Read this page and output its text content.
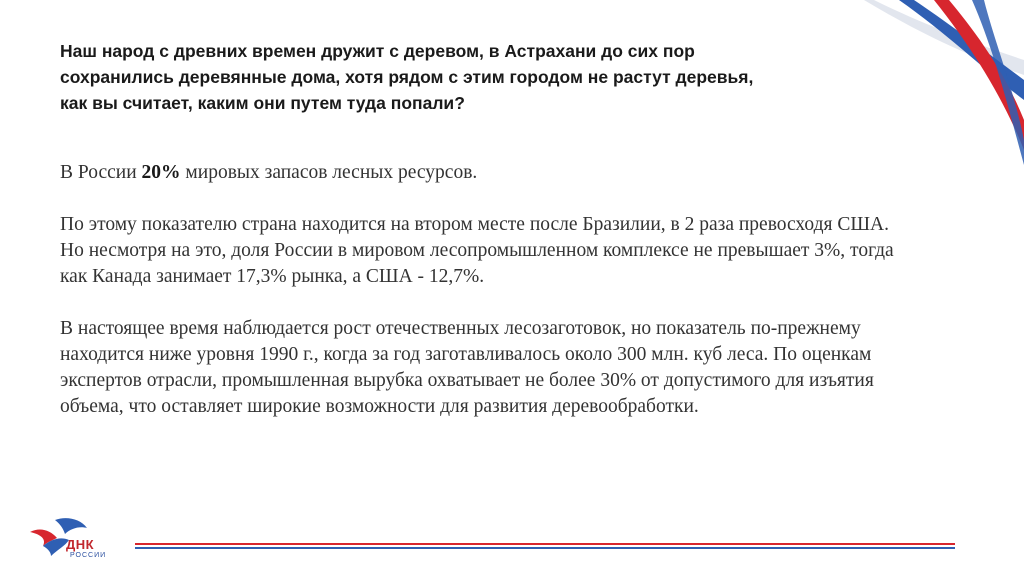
Наш народ с древних времен дружит с деревом, в Астрахани до сих пор сохранились деревянные дома, хотя рядом с этим городом не растут деревья, как вы считает, каким они путем туда попали?

В России 20% мировых запасов лесных ресурсов.

По этому показателю страна находится на втором месте после Бразилии, в 2 раза превосходя США. Но несмотря на это, доля России в мировом лесопромышленном комплексе не превышает 3%, тогда как Канада занимает 17,3% рынка, а США - 12,7%.

В настоящее время наблюдается рост отечественных лесозаготовок, но показатель по-прежнему находится ниже уровня 1990 г., когда за год заготавливалось около 300 млн. куб леса. По оценкам экспертов отрасли, промышленная вырубка охватывает не более 30% от допустимого для изъятия объема, что оставляет широкие возможности для развития деревообработки.

ДНК
РОССИИ
